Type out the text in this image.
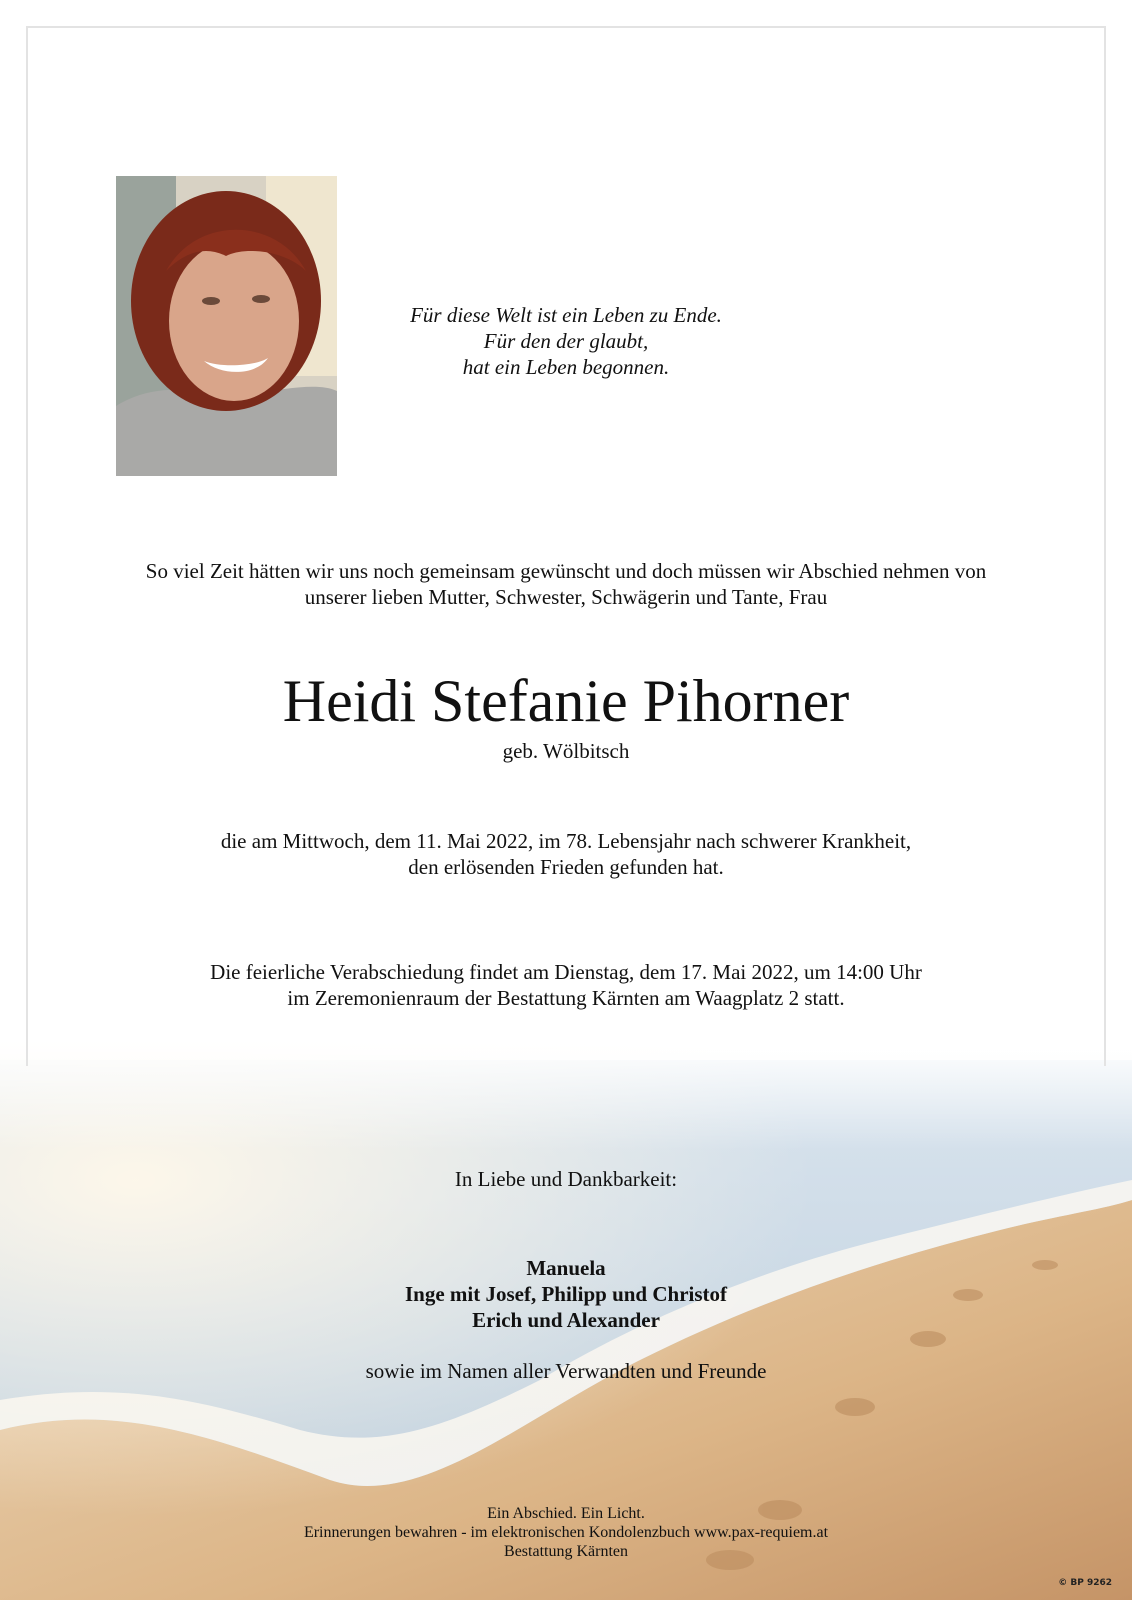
Für diese Welt ist ein Leben zu Ende.
Für den der glaubt,
hat ein Leben begonnen.
So viel Zeit hätten wir uns noch gemeinsam gewünscht und doch müssen wir Abschied nehmen von
unserer lieben Mutter, Schwester, Schwägerin und Tante, Frau
Heidi Stefanie Pihorner
geb. Wölbitsch
die am Mittwoch, dem 11. Mai 2022, im 78. Lebensjahr nach schwerer Krankheit,
den erlösenden Frieden gefunden hat.
Die feierliche Verabschiedung findet am Dienstag, dem 17. Mai 2022, um 14:00 Uhr
im Zeremonienraum der Bestattung Kärnten am Waagplatz 2 statt.
In Liebe und Dankbarkeit:
Manuela
Inge mit Josef, Philipp und Christof
Erich und Alexander
sowie im Namen aller Verwandten und Freunde
Ein Abschied. Ein Licht.
Erinnerungen bewahren - im elektronischen Kondolenzbuch www.pax-requiem.at
Bestattung Kärnten
© BP 9262
